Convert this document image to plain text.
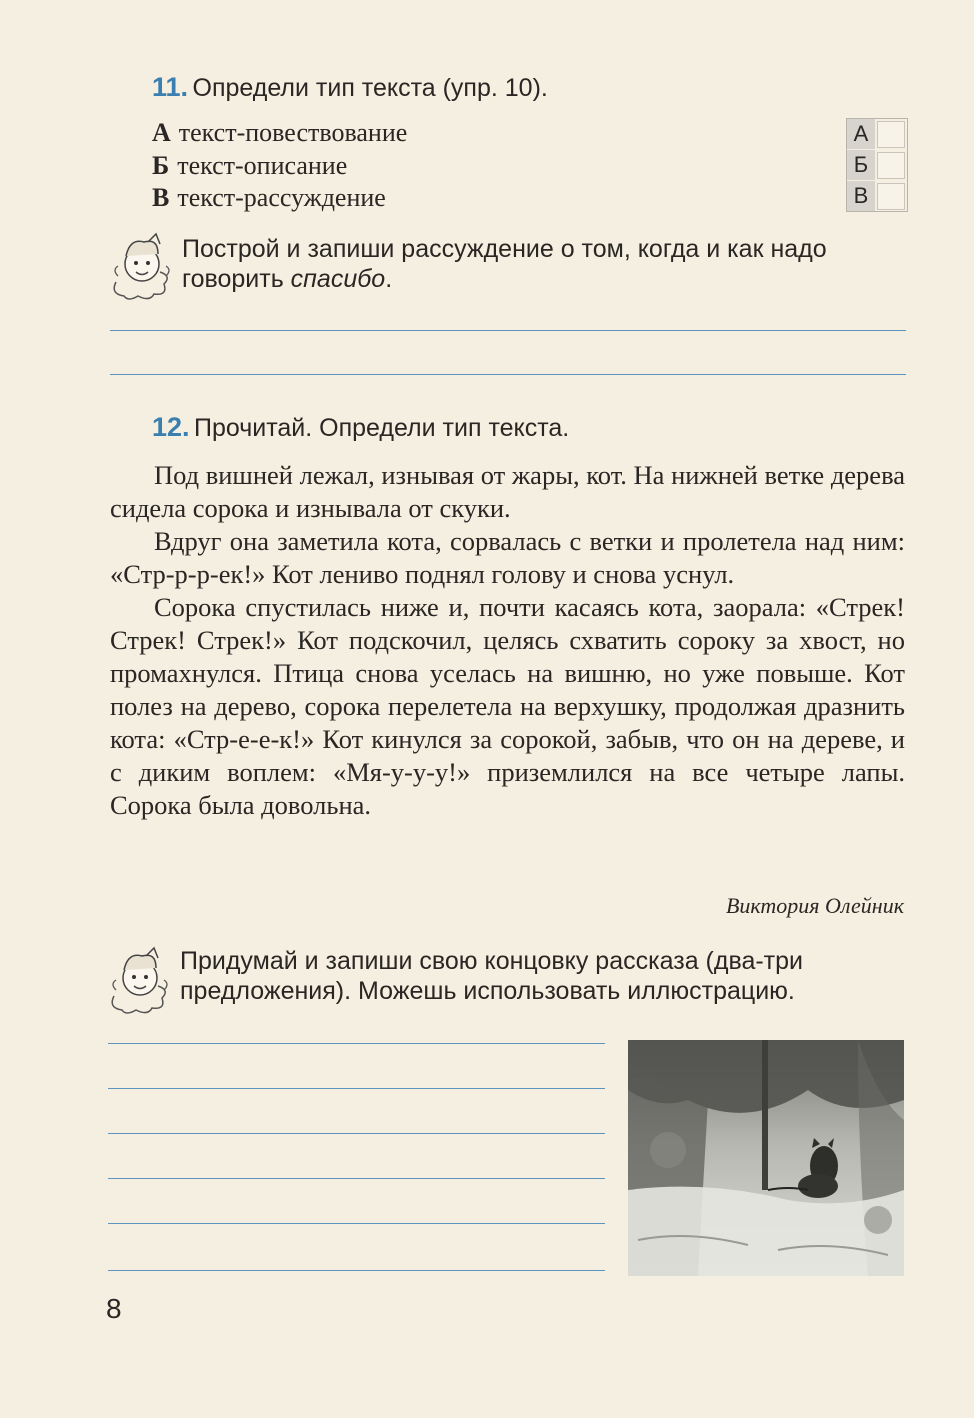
11. Определи тип текста (упр. 10).
А текст-повествование
Б текст-описание
В текст-рассуждение
А
Б
В
Построй и запиши рассуждение о том, когда и как надо говорить спасибо.
12. Прочитай. Определи тип текста.

Под вишней лежал, изнывая от жары, кот. На нижней ветке дерева сидела сорока и изнывала от скуки.

Вдруг она заметила кота, сорвалась с ветки и пролетела над ним: «Стр-р-р-ек!» Кот лениво поднял голову и снова уснул.

Сорока спустилась ниже и, почти касаясь кота, заорала: «Стрек! Стрек! Стрек!» Кот подскочил, целясь схватить сороку за хвост, но промахнулся. Птица снова уселась на вишню, но уже повыше. Кот полез на дерево, сорока перелетела на верхушку, продолжая дразнить кота: «Стр-е-е-к!» Кот кинулся за сорокой, забыв, что он на дереве, и с диким воплем: «Мя-у-у-у!» приземлился на все четыре лапы. Сорока была довольна.

Виктория Олейник
Придумай и запиши свою концовку рассказа (два-три предложения). Можешь использовать иллюстрацию.
8
